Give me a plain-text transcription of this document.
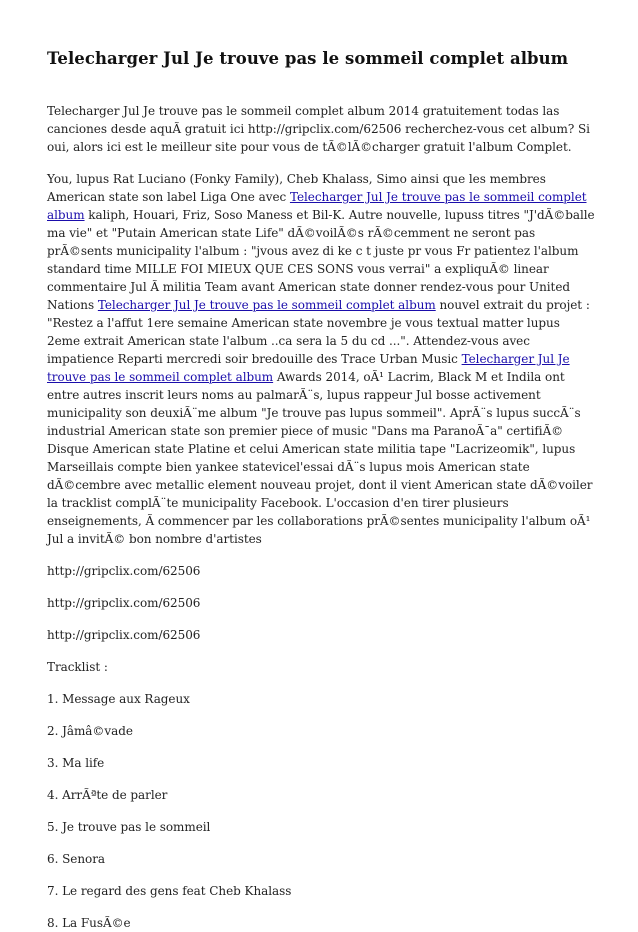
Telecharger Jul Je trouve pas le sommeil complet album

Telecharger Jul Je trouve pas le sommeil complet album 2014 gratuitement todas las canciones desde aquÃ gratuit ici http://gripclix.com/62506 recherchez-vous cet album? Si oui, alors ici est le meilleur site pour vous de tÃ©lÃ©charger gratuit l'album Complet.

You, lupus Rat Luciano (Fonky Family), Cheb Khalass, Simo ainsi que les membres American state son label Liga One avec Telecharger Jul Je trouve pas le sommeil complet album kaliph, Houari, Friz, Soso Maness et Bil-K. Autre nouvelle, lupuss titres "J'dÃ©balle ma vie" et "Putain American state Life" dÃ©voilÃ©s rÃ©cemment ne seront pas prÃ©sents municipality l'album : "jvous avez di ke c t juste pr vous Fr patientez l'album standard time MILLE FOI MIEUX QUE CES SONS vous verrai" a expliquÃ© linear commentaire Jul Ã militia Team avant American state donner rendez-vous pour United Nations Telecharger Jul Je trouve pas le sommeil complet album nouvel extrait du projet : "Restez a l'affut 1ere semaine American state novembre je vous textual matter lupus 2eme extrait American state l'album ..ca sera la 5 du cd ...". Attendez-vous avec impatience Reparti mercredi soir bredouille des Trace Urban Music Telecharger Jul Je trouve pas le sommeil complet album Awards 2014, oÃ¹ Lacrim, Black M et Indila ont entre autres inscrit leurs noms au palmarÃ¨s, lupus rappeur Jul bosse activement municipality son deuxiÃ¨me album "Je trouve pas lupus sommeil". AprÃ¨s lupus succÃ¨s industrial American state son premier piece of music "Dans ma ParanoÃ¯a" certifiÃ© Disque American state Platine et celui American state militia tape "Lacrizeomik", lupus Marseillais compte bien yankee statevicel'essai dÃ¨s lupus mois American state dÃ©cembre avec metallic element nouveau projet, dont il vient American state dÃ©voiler la tracklist complÃ¨te municipality Facebook. L'occasion d'en tirer plusieurs enseignements, Ã commencer par les collaborations prÃ©sentes municipality l'album oÃ¹ Jul a invitÃ© bon nombre d'artistes

http://gripclix.com/62506

http://gripclix.com/62506

http://gripclix.com/62506

Tracklist :

1. Message aux Rageux

2. Jâmâ©vade

3. Ma life

4. ArrÃªte de parler

5. Je trouve pas le sommeil

6. Senora

7. Le regard des gens feat Cheb Khalass

8. La FusÃ©e
